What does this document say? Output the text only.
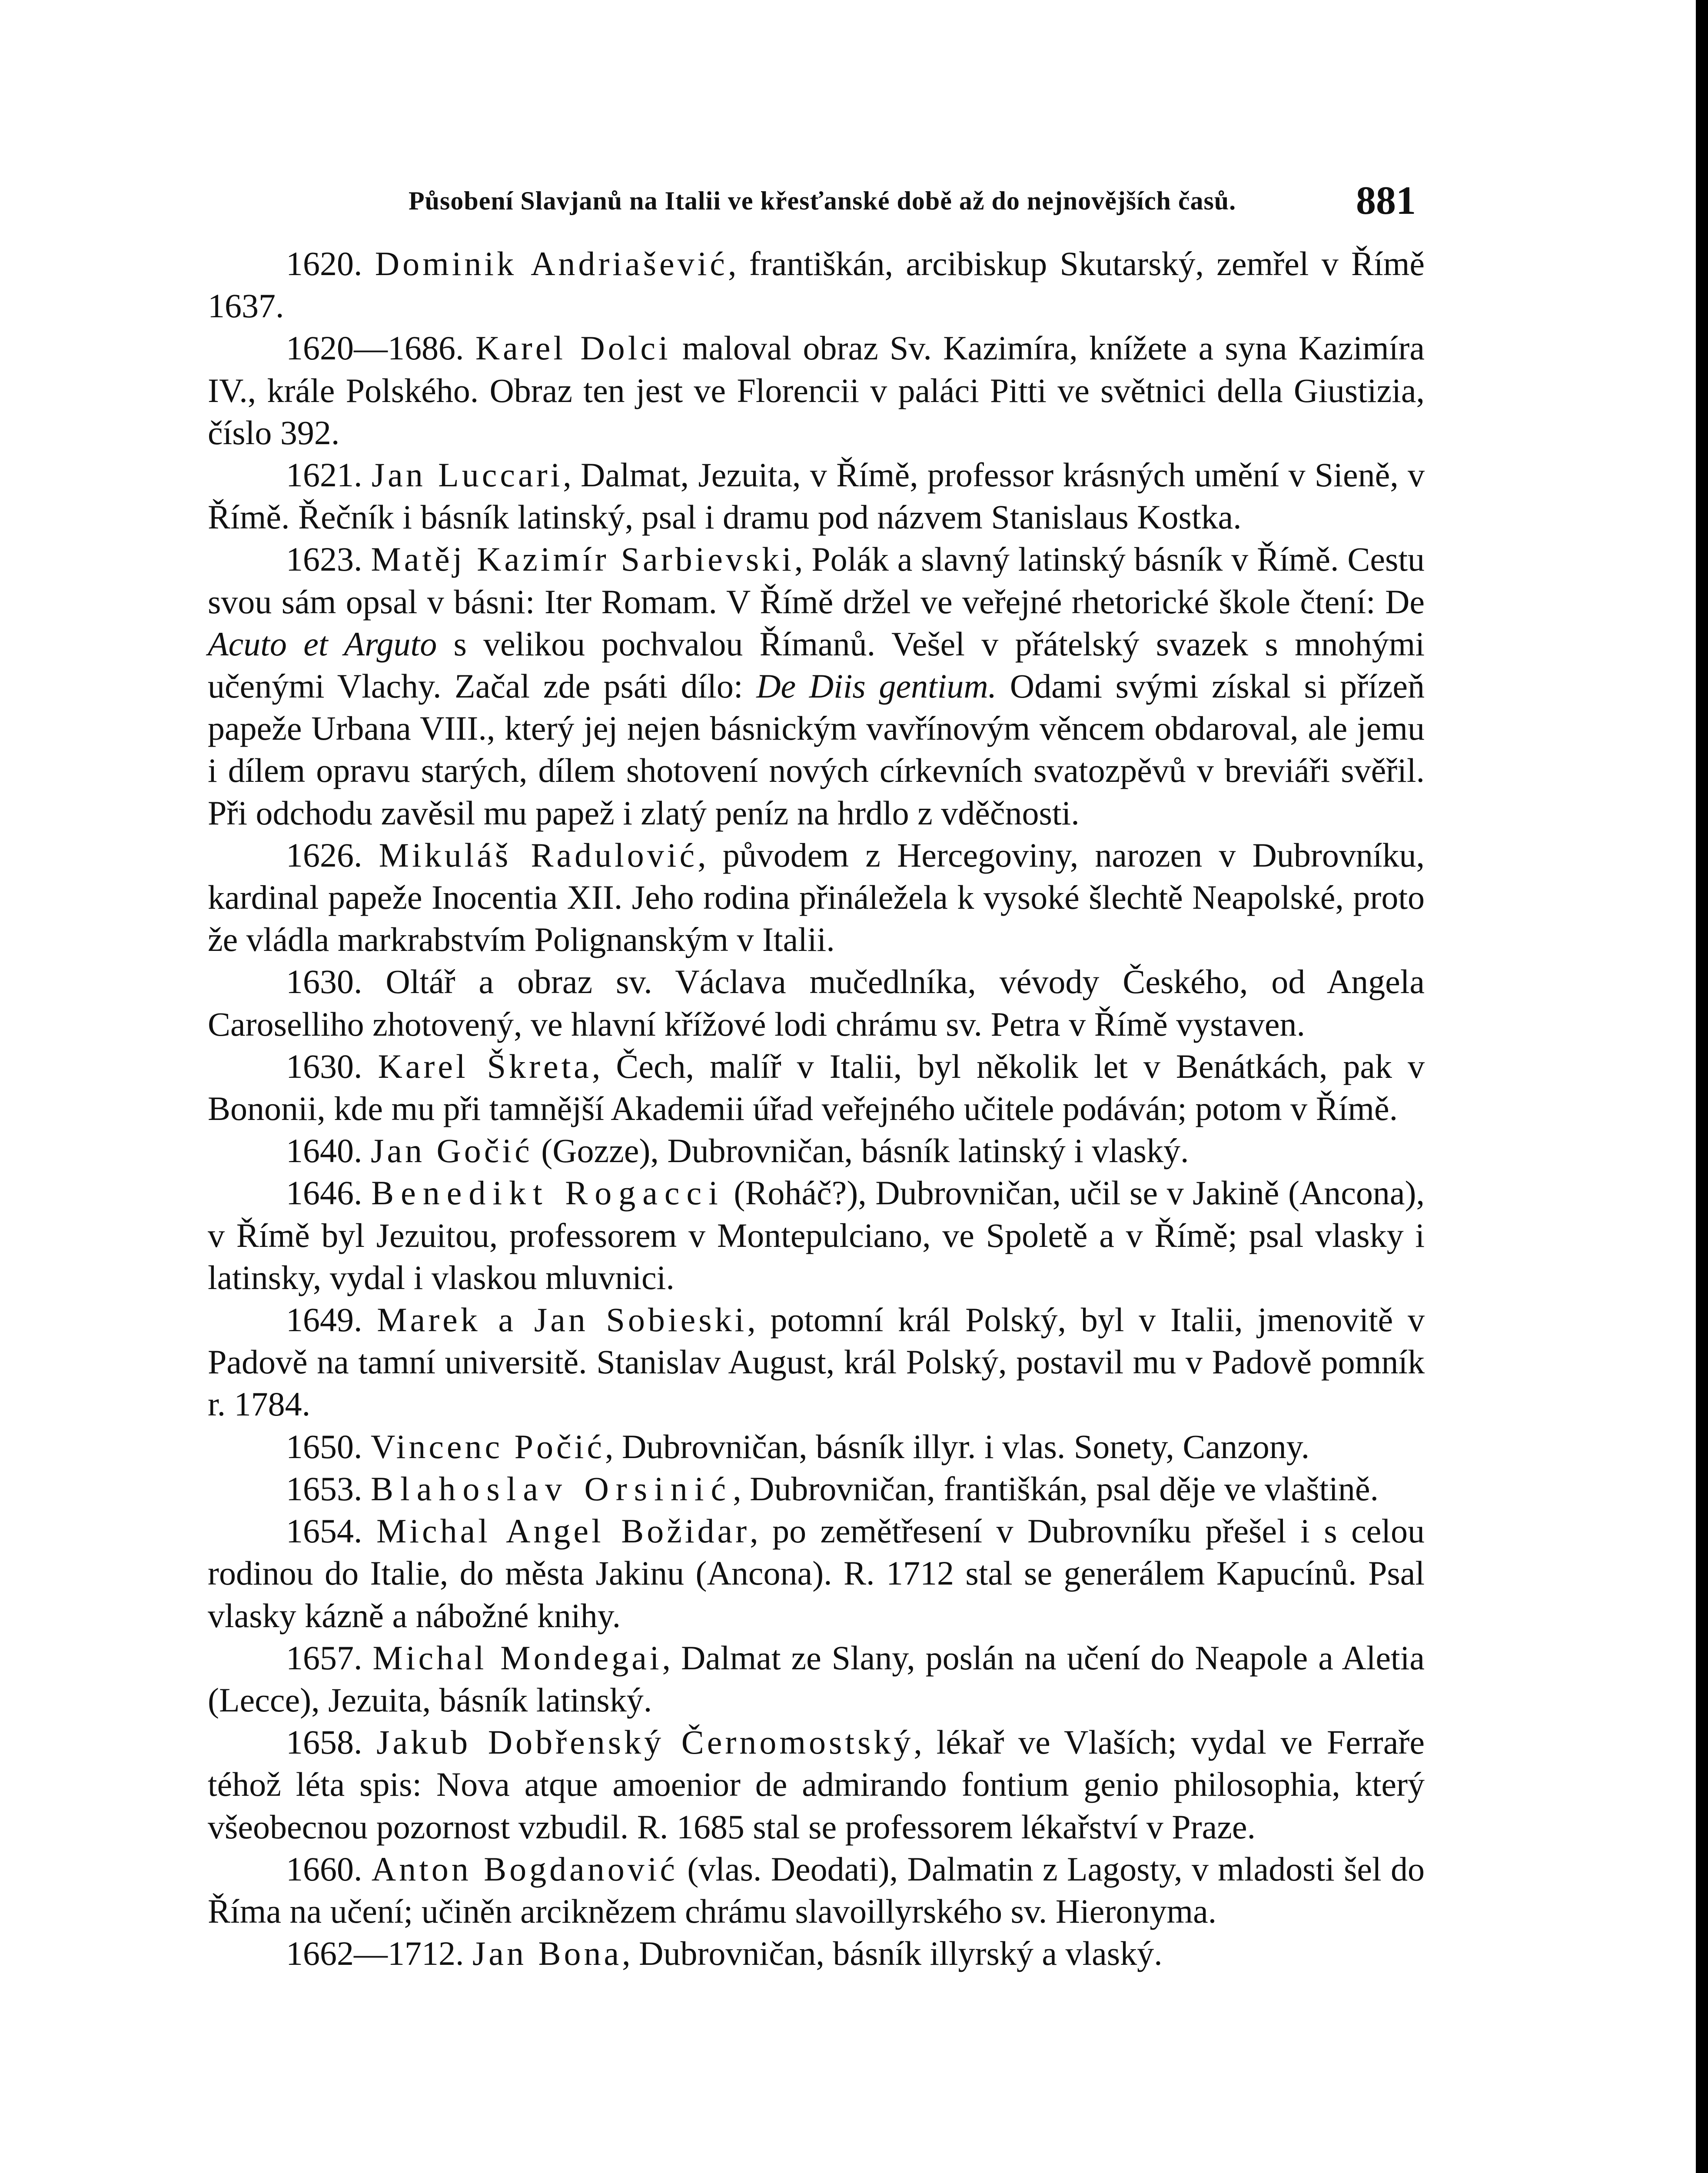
Působení Slavjanů na Italii ve křesťanské době až do nejnovějších časů.	881

1620. Dominik Andriašević, františkán, arcibiskup Skutarský, zemřel v Římě 1637.

1620—1686. Karel Dolci maloval obraz Sv. Kazimíra, knížete a syna Kazimíra IV., krále Polského. Obraz ten jest ve Florencii v paláci Pitti ve světnici della Giustizia, číslo 392.

1621. Jan Luccari, Dalmat, Jezuita, v Římě, professor krásných umění v Sieně, v Římě. Řečník i básník latinský, psal i dramu pod názvem Stanislaus Kostka.

1623. Matěj Kazimír Sarbievski, Polák a slavný latinský básník v Římě. Cestu svou sám opsal v básni: Iter Romam. V Římě držel ve veřejné rhetorické škole čtení: De Acuto et Arguto s velikou pochvalou Římanů. Vešel v přátelský svazek s mnohými učenými Vlachy. Začal zde psáti dílo: De Diis gentium. Odami svými získal si přízeň papeže Urbana VIII., který jej nejen básnickým vavřínovým věncem obdaroval, ale jemu i dílem opravu starých, dílem shotovení nových církevních svatozpěvů v breviáři svěřil. Při odchodu zavěsil mu papež i zlatý peníz na hrdlo z vděčnosti.

1626. Mikuláš Radulović, původem z Hercegoviny, narozen v Dubrovníku, kardinal papeže Inocentia XII. Jeho rodina přináležela k vysoké šlechtě Neapolské, proto že vládla markrabstvím Polignanským v Italii.

1630. Oltář a obraz sv. Václava mučedlníka, vévody Českého, od Angela Caroselliho zhotovený, ve hlavní křížové lodi chrámu sv. Petra v Římě vystaven.

1630. Karel Škreta, Čech, malíř v Italii, byl několik let v Benátkách, pak v Bononii, kde mu při tamnější Akademii úřad veřejného učitele podáván; potom v Římě.

1640. Jan Gočić (Gozze), Dubrovničan, básník latinský i vlaský.

1646. Benedikt Rogacci (Roháč?), Dubrovničan, učil se v Jakině (Ancona), v Římě byl Jezuitou, professorem v Montepulciano, ve Spoletě a v Římě; psal vlasky i latinsky, vydal i vlaskou mluvnici.

1649. Marek a Jan Sobieski, potomní král Polský, byl v Italii, jmenovitě v Padově na tamní universitě. Stanislav August, král Polský, postavil mu v Padově pomník r. 1784.

1650. Vincenc Počić, Dubrovničan, básník illyr. i vlas. Sonety, Canzony.

1653. Blahoslav Orsinić, Dubrovničan, františkán, psal děje ve vlaštině.

1654. Michal Angel Božidar, po zemětřesení v Dubrovníku přešel i s celou rodinou do Italie, do města Jakinu (Ancona). R. 1712 stal se generálem Kapucínů. Psal vlasky kázně a nábožné knihy.

1657. Michal Mondegai, Dalmat ze Slany, poslán na učení do Neapole a Aletia (Lecce), Jezuita, básník latinský.

1658. Jakub Dobřenský Černomostský, lékař ve Vlaších; vydal ve Ferraře téhož léta spis: Nova atque amoenior de admirando fontium genio philosophia, který všeobecnou pozornost vzbudil. R. 1685 stal se professorem lékařství v Praze.

1660. Anton Bogdanović (vlas. Deodati), Dalmatin z Lagosty, v mladosti šel do Říma na učení; učiněn arciknězem chrámu slavoillyrského sv. Hieronyma.

1662—1712. Jan Bona, Dubrovničan, básník illyrský a vlaský.
